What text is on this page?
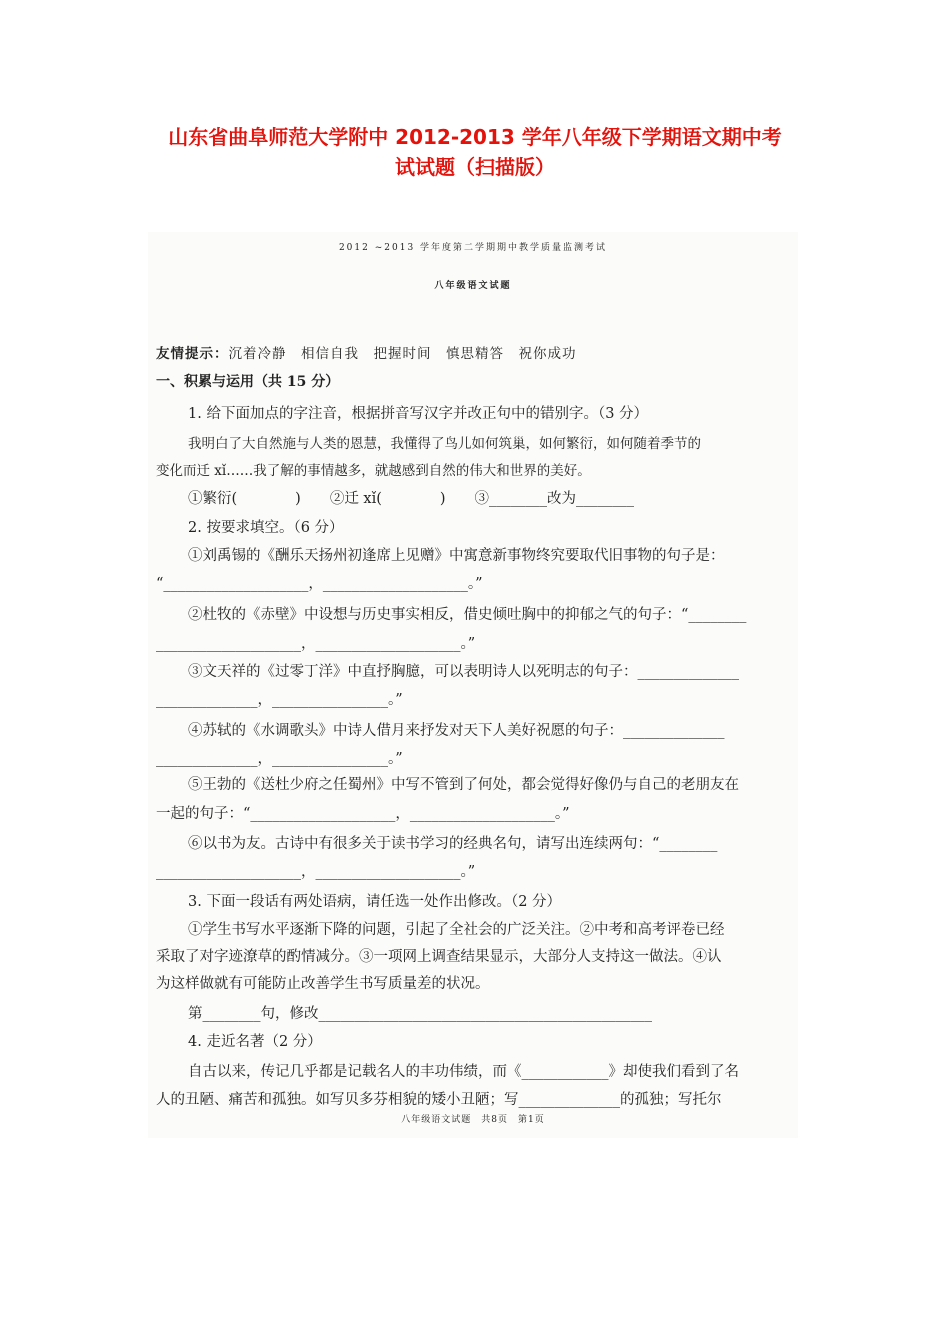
山东省曲阜师范大学附中 2012-2013 学年八年级下学期语文期中考
试试题（扫描版）
2012 ~2013 学年度第二学期期中教学质量监测考试
八年级语文试题
友情提示：沉着冷静　相信自我　把握时间　慎思精答　祝你成功
一、积累与运用（共 15 分）
1. 给下面加点的字注音，根据拼音写汉字并改正句中的错别字。（3 分）
我明白了大自然施与人类的恩慧，我懂得了鸟儿如何筑巢，如何繁衍，如何随着季节的
变化而迁 xǐ……我了解的事情越多，就越感到自然的伟大和世界的美好。
①繁衍(　　　　)　　②迁 xǐ(　　　　)　　③________改为________
2. 按要求填空。（6 分）
①刘禹锡的《酬乐天扬州初逢席上见赠》中寓意新事物终究要取代旧事物的句子是：
“____________________，____________________。”
②杜牧的《赤壁》中设想与历史事实相反，借史倾吐胸中的抑郁之气的句子：“________
____________________，____________________。”
③文天祥的《过零丁洋》中直抒胸臆，可以表明诗人以死明志的句子：______________
______________，________________。”
④苏轼的《水调歌头》中诗人借月来抒发对天下人美好祝愿的句子：______________
______________，________________。”
⑤王勃的《送杜少府之任蜀州》中写不管到了何处，都会觉得好像仍与自己的老朋友在
一起的句子：“____________________，____________________。”
⑥以书为友。古诗中有很多关于读书学习的经典名句，请写出连续两句：“________
____________________，____________________。”
3. 下面一段话有两处语病，请任选一处作出修改。（2 分）
①学生书写水平逐渐下降的问题，引起了全社会的广泛关注。②中考和高考评卷已经
采取了对字迹潦草的酌情减分。③一项网上调查结果显示，大部分人支持这一做法。④认
为这样做就有可能防止改善学生书写质量差的状况。
第________句，修改______________________________________________
4. 走近名著（2 分）
自古以来，传记几乎都是记载名人的丰功伟绩，而《____________》却使我们看到了名
人的丑陋、痛苦和孤独。如写贝多芬相貌的矮小丑陋；写______________的孤独；写托尔
八年级语文试题　共8页　第1页
